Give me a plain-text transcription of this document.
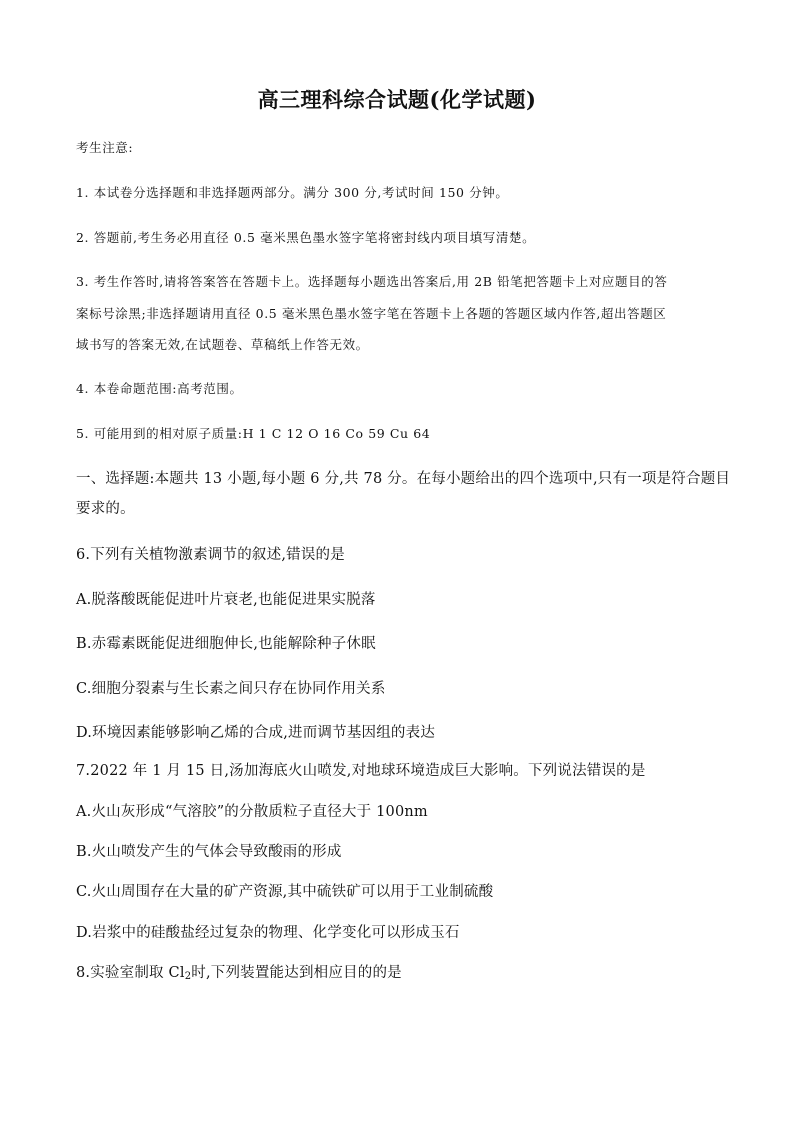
高三理科综合试题(化学试题)
考生注意:
1. 本试卷分选择题和非选择题两部分。满分 300 分,考试时间 150 分钟。
2. 答题前,考生务必用直径 0.5 毫米黑色墨水签字笔将密封线内项目填写清楚。
3. 考生作答时,请将答案答在答题卡上。选择题每小题选出答案后,用 2B 铅笔把答题卡上对应题目的答
案标号涂黑;非选择题请用直径 0.5 毫米黑色墨水签字笔在答题卡上各题的答题区域内作答,超出答题区
域书写的答案无效,在试题卷、草稿纸上作答无效。
4. 本卷命题范围:高考范围。
5. 可能用到的相对原子质量:H 1 C 12 O 16 Co 59 Cu 64
一、选择题:本题共 13 小题,每小题 6 分,共 78 分。在每小题给出的四个选项中,只有一项是符合题目
要求的。
6.下列有关植物激素调节的叙述,错误的是
A.脱落酸既能促进叶片衰老,也能促进果实脱落
B.赤霉素既能促进细胞伸长,也能解除种子休眠
C.细胞分裂素与生长素之间只存在协同作用关系
D.环境因素能够影响乙烯的合成,进而调节基因组的表达
7.2022 年 1 月 15 日,汤加海底火山喷发,对地球环境造成巨大影响。下列说法错误的是
A.火山灰形成“气溶胶”的分散质粒子直径大于 100nm
B.火山喷发产生的气体会导致酸雨的形成
C.火山周围存在大量的矿产资源,其中硫铁矿可以用于工业制硫酸
D.岩浆中的硅酸盐经过复杂的物理、化学变化可以形成玉石
8.实验室制取 $Cl_2$时,下列装置能达到相应目的的是
